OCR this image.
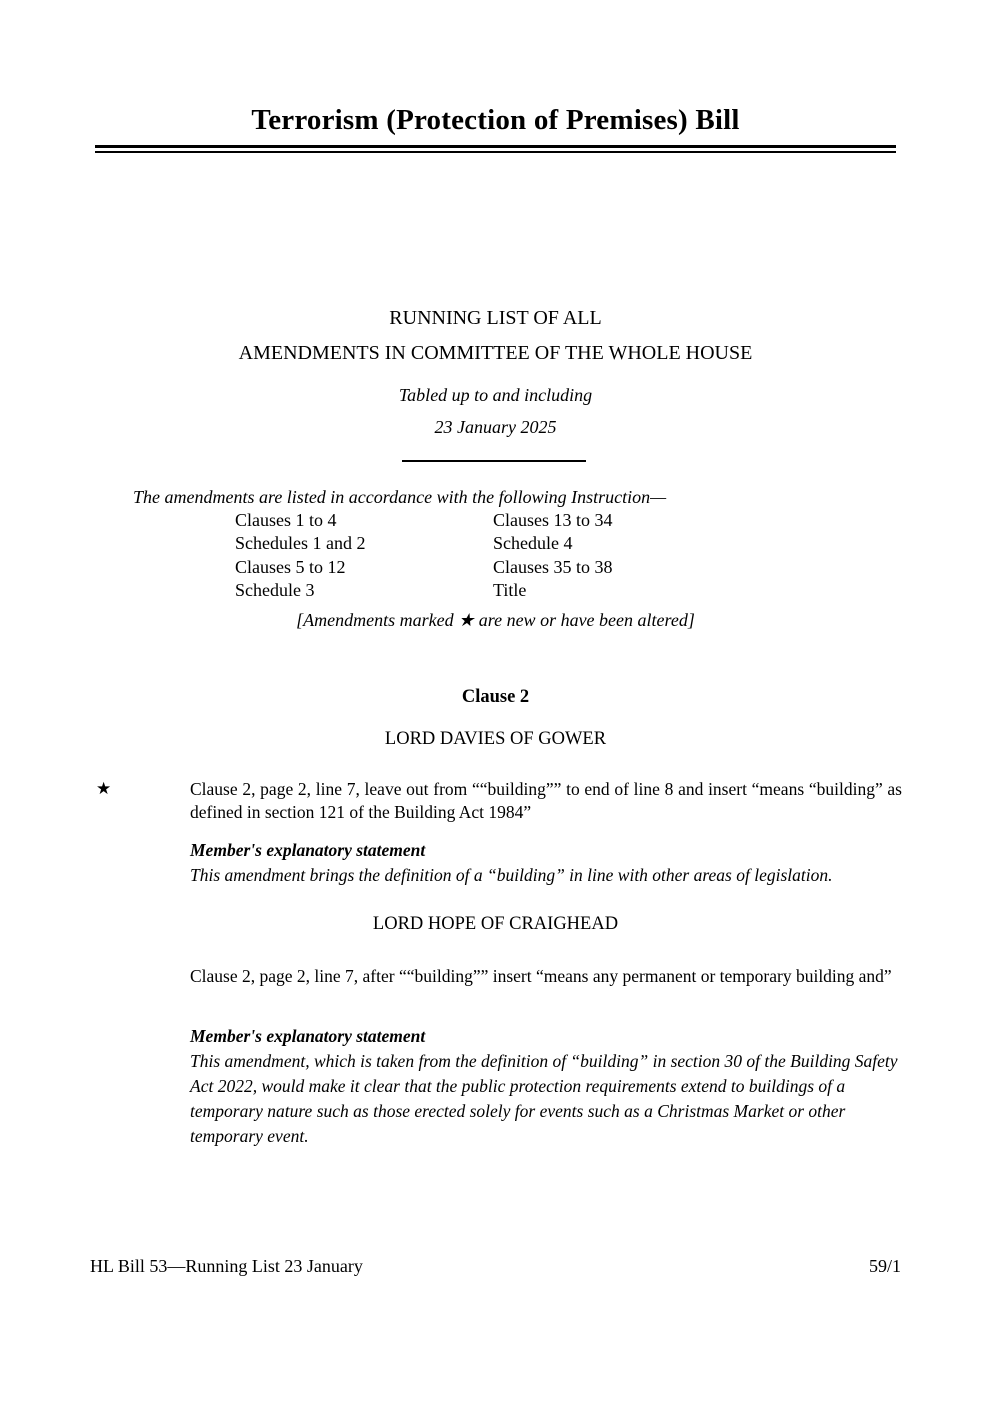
Terrorism (Protection of Premises) Bill
RUNNING LIST OF ALL
AMENDMENTS IN COMMITTEE OF THE WHOLE HOUSE
Tabled up to and including
23 January 2025
The amendments are listed in accordance with the following Instruction—
Clauses 1 to 4
Schedules 1 and 2
Clauses 5 to 12
Schedule 3
Clauses 13 to 34
Schedule 4
Clauses 35 to 38
Title
[Amendments marked ★ are new or have been altered]
Clause 2
LORD DAVIES OF GOWER
★	Clause 2, page 2, line 7, leave out from ““building”” to end of line 8 and insert “means “building” as defined in section 121 of the Building Act 1984”
Member's explanatory statement
This amendment brings the definition of a “building” in line with other areas of legislation.
LORD HOPE OF CRAIGHEAD
Clause 2, page 2, line 7, after ““building”” insert “means any permanent or temporary building and”
Member's explanatory statement
This amendment, which is taken from the definition of “building” in section 30 of the Building Safety Act 2022, would make it clear that the public protection requirements extend to buildings of a temporary nature such as those erected solely for events such as a Christmas Market or other temporary event.
HL Bill 53—Running List 23 January	59/1
